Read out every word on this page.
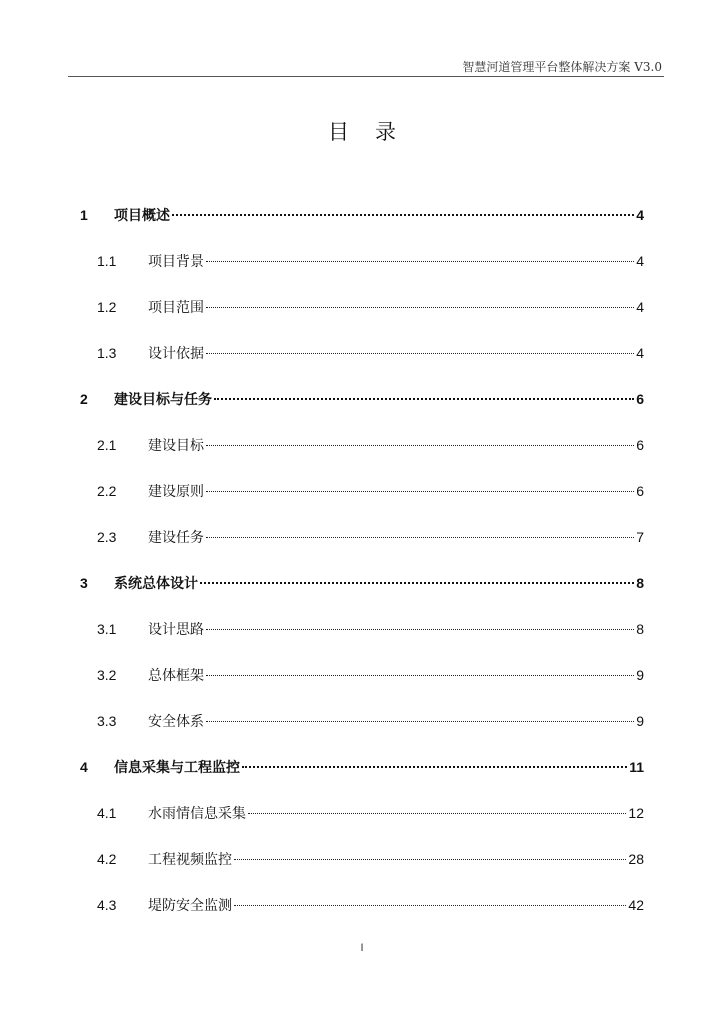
智慧河道管理平台整体解决方案 V3.0
目录
1	项目概述	4
1.1	项目背景	4
1.2	项目范围	4
1.3	设计依据	4
2	建设目标与任务	6
2.1	建设目标	6
2.2	建设原则	6
2.3	建设任务	7
3	系统总体设计	8
3.1	设计思路	8
3.2	总体框架	9
3.3	安全体系	9
4	信息采集与工程监控	11
4.1	水雨情信息采集	12
4.2	工程视频监控	28
4.3	堤防安全监测	42
I
